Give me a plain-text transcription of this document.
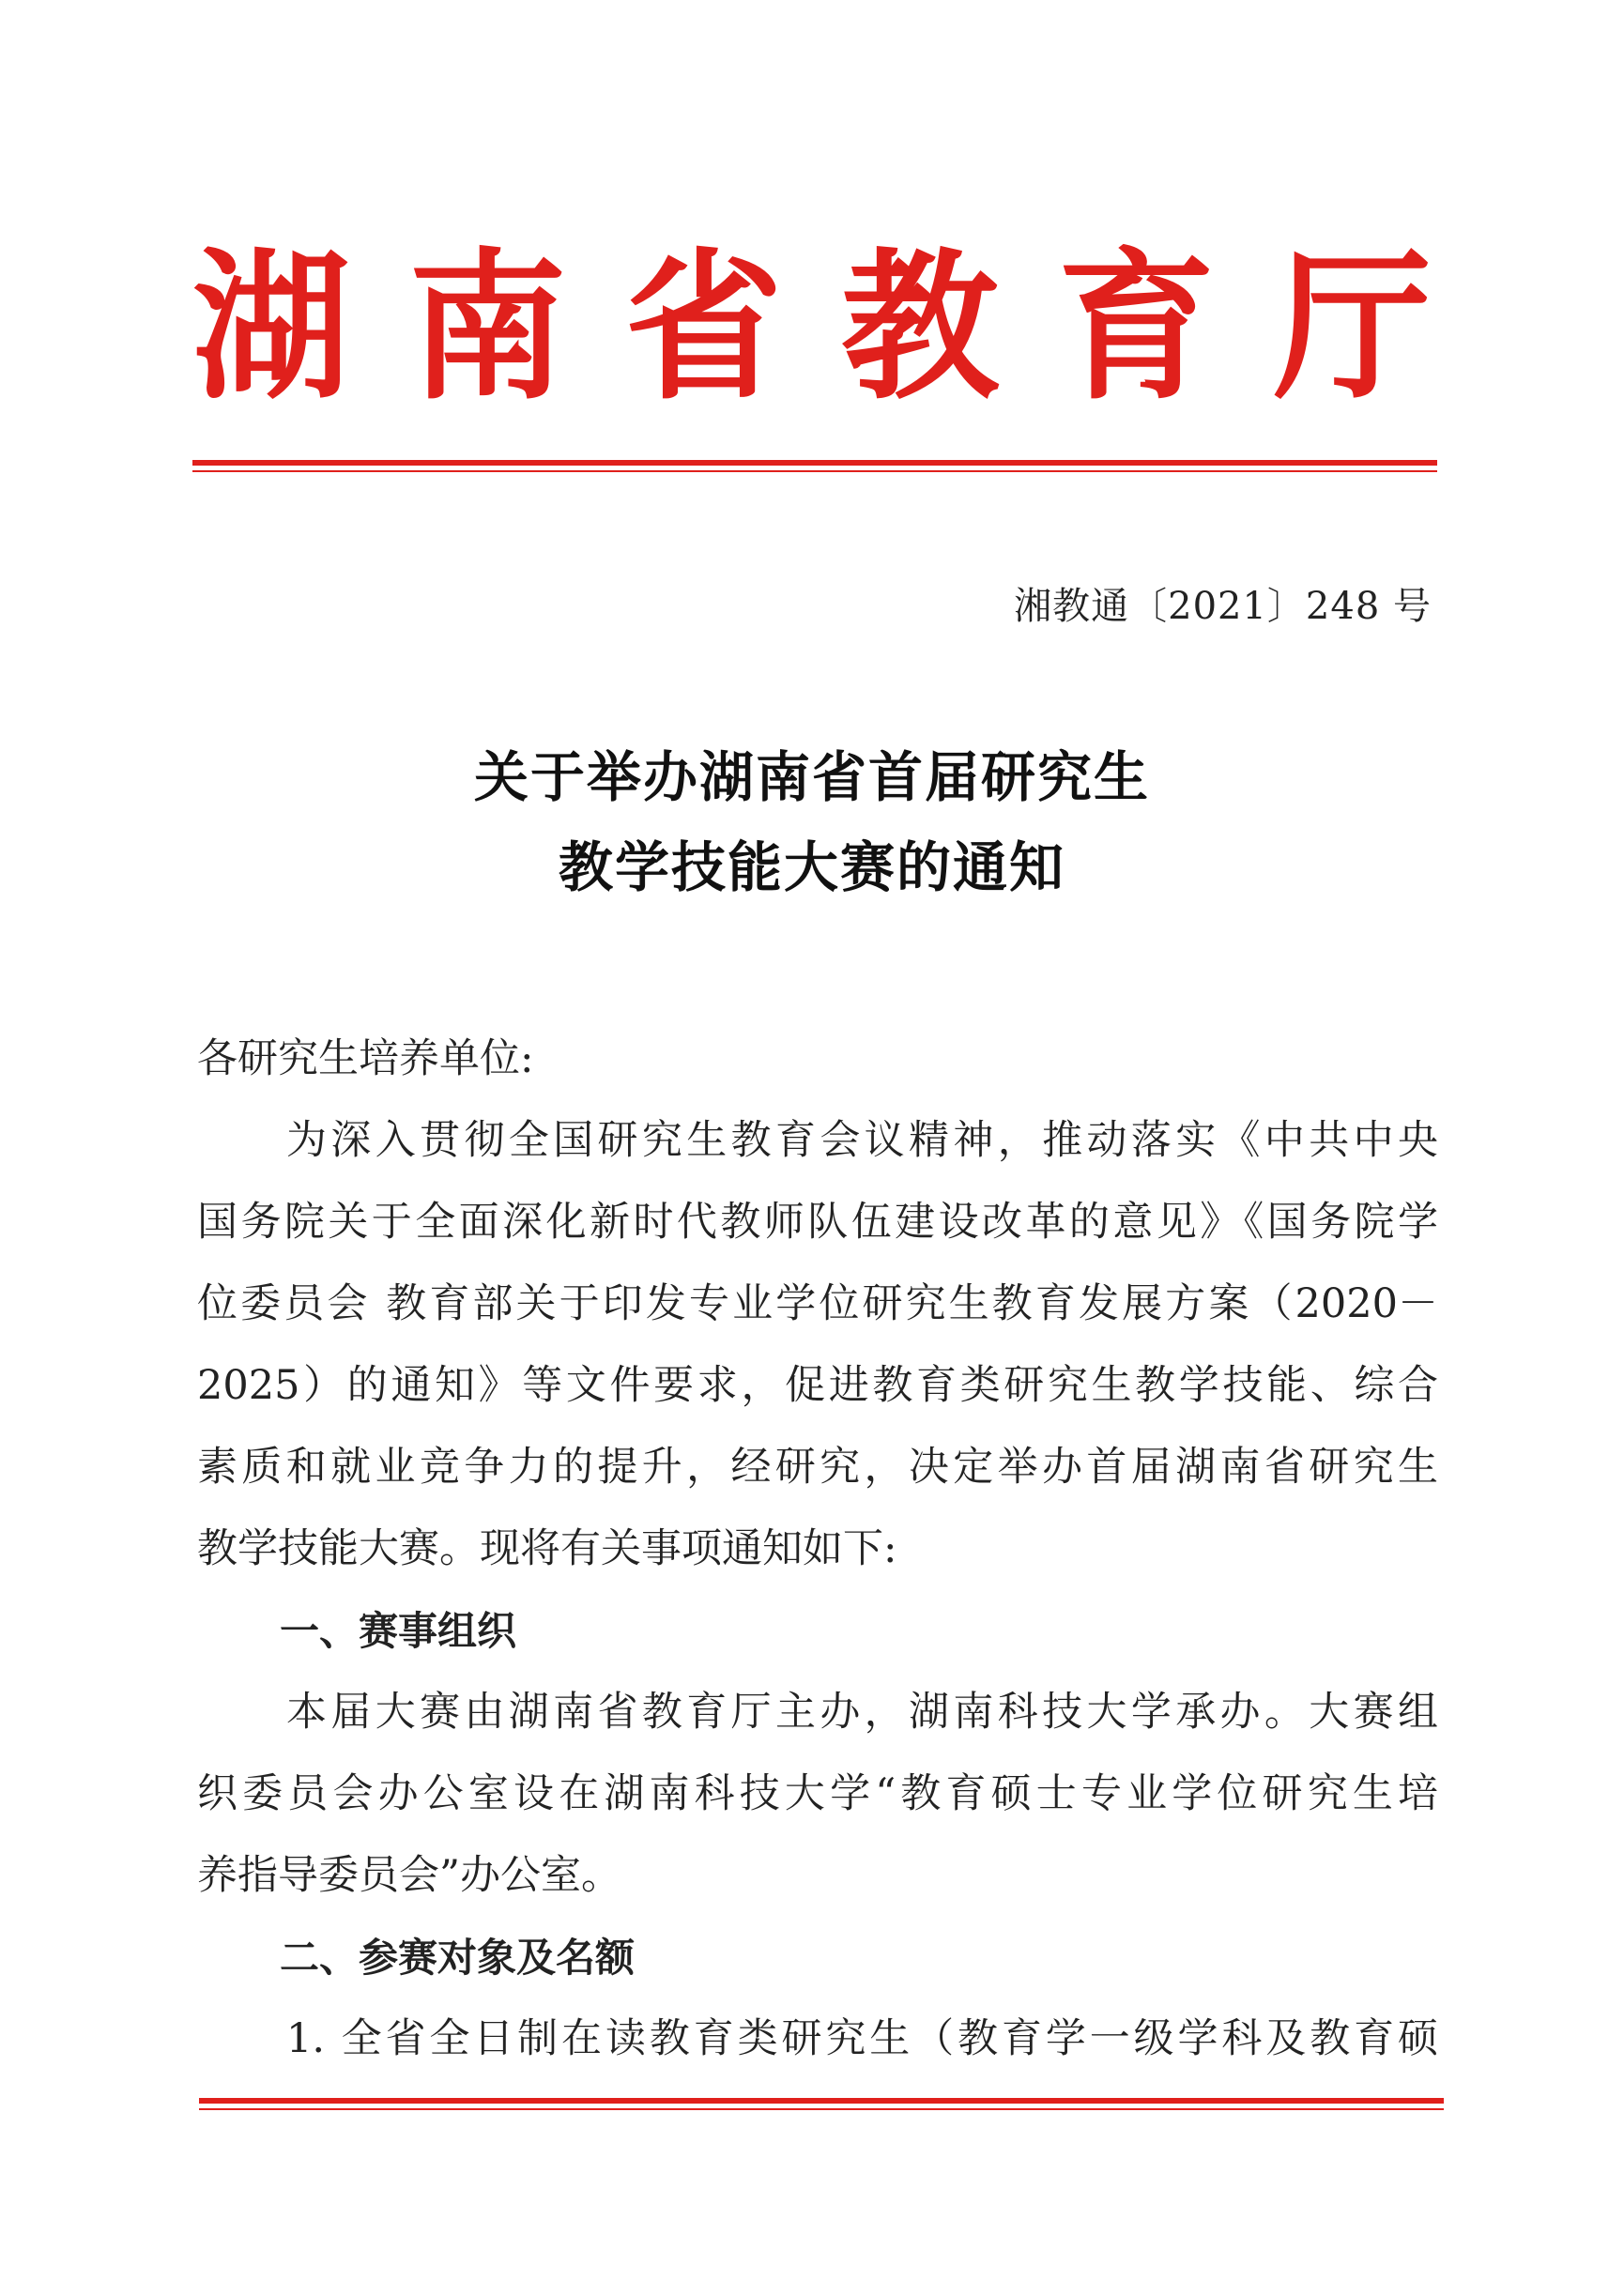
湖 南 省 教 育 厅
湘教通〔2021〕248 号
关于举办湖南省首届研究生
教学技能大赛的通知
各研究生培养单位:
为深入贯彻全国研究生教育会议精神，推动落实《中共中央
国务院关于全面深化新时代教师队伍建设改革的意见》《国务院学
位委员会 教育部关于印发专业学位研究生教育发展方案（2020－
2025）的通知》等文件要求，促进教育类研究生教学技能、综合
素质和就业竞争力的提升，经研究，决定举办首届湖南省研究生
教学技能大赛。现将有关事项通知如下:
一、赛事组织
本届大赛由湖南省教育厅主办，湖南科技大学承办。大赛组
织委员会办公室设在湖南科技大学“教育硕士专业学位研究生培
养指导委员会”办公室。
二、参赛对象及名额
1. 全省全日制在读教育类研究生（教育学一级学科及教育硕
